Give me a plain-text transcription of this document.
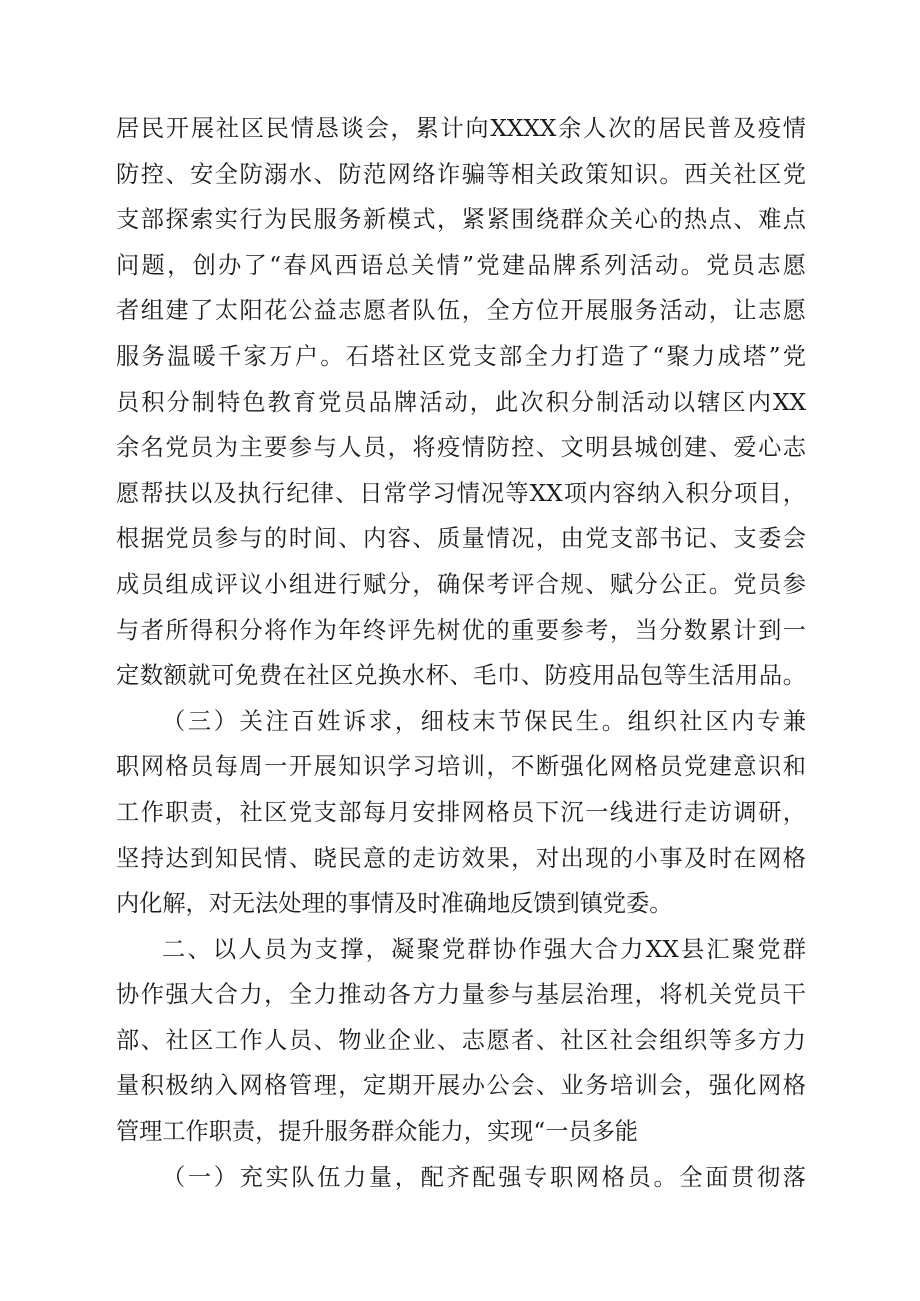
居民开展社区民情恳谈会，累计向XXXX余人次的居民普及疫情
防控、安全防溺水、防范网络诈骗等相关政策知识。西关社区党
支部探索实行为民服务新模式，紧紧围绕群众关心的热点、难点
问题，创办了“春风西语总关情”党建品牌系列活动。党员志愿
者组建了太阳花公益志愿者队伍，全方位开展服务活动，让志愿
服务温暖千家万户。石塔社区党支部全力打造了“聚力成塔”党
员积分制特色教育党员品牌活动，此次积分制活动以辖区内XX
余名党员为主要参与人员，将疫情防控、文明县城创建、爱心志
愿帮扶以及执行纪律、日常学习情况等XX项内容纳入积分项目，
根据党员参与的时间、内容、质量情况，由党支部书记、支委会
成员组成评议小组进行赋分，确保考评合规、赋分公正。党员参
与者所得积分将作为年终评先树优的重要参考，当分数累计到一
定数额就可免费在社区兑换水杯、毛巾、防疫用品包等生活用品。
（三）关注百姓诉求，细枝末节保民生。组织社区内专兼
职网格员每周一开展知识学习培训，不断强化网格员党建意识和
工作职责，社区党支部每月安排网格员下沉一线进行走访调研，
坚持达到知民情、晓民意的走访效果，对出现的小事及时在网格
内化解，对无法处理的事情及时准确地反馈到镇党委。
二、以人员为支撑，凝聚党群协作强大合力XX县汇聚党群
协作强大合力，全力推动各方力量参与基层治理，将机关党员干
部、社区工作人员、物业企业、志愿者、社区社会组织等多方力
量积极纳入网格管理，定期开展办公会、业务培训会，强化网格
管理工作职责，提升服务群众能力，实现“一员多能
（一）充实队伍力量，配齐配强专职网格员。全面贯彻落
